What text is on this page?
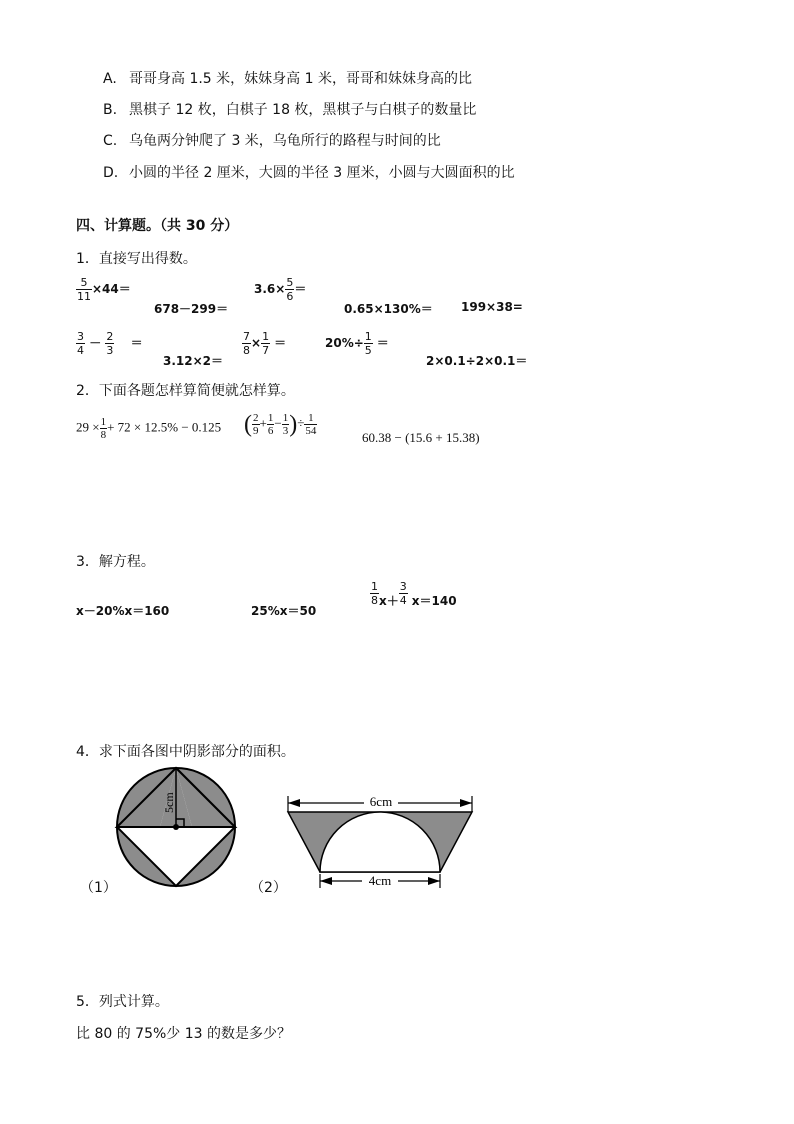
A. 哥哥身高 1.5 米，妹妹身高 1 米，哥哥和妹妹身高的比
B. 黑棋子 12 枚，白棋子 18 枚，黑棋子与白棋子的数量比
C. 乌龟两分钟爬了 3 米，乌龟所行的路程与时间的比
D. 小圆的半径 2 厘米，大圆的半径 3 厘米，小圆与大圆面积的比
四、计算题。（共 30 分）
1．直接写出得数。
$\frac{5}{11} \times 44=$
678－299＝
$3.6\times \frac{5}{6}$ ＝
0.65×130%＝ 199×38=
$\frac{3}{4} - \frac{2}{3}$ ＝
3.12×2＝
$\frac{7}{8} \times \frac{1}{7}$ ＝	$20\%\div \frac{1}{5}$ ＝
2×0.1÷2×0.1＝
2．下面各题怎样算简便就怎样算。
$29 \times \frac{1}{8} + 72 \times 12.5\% - 0.125$ ( $\frac{2}{9} + \frac{1}{6} - \frac{1}{3}$ )÷ $\frac{1}{54}$
60.38 − (15.6 + 15.38)
3．解方程。
x－20%x＝160	25%x＝50
$\frac{1}{8} x+ \frac{3}{4} x=140$
4．求下面各图中阴影部分的面积。
5cm
（1）
6cm
4cm
（2）
5．列式计算。
比 80 的 75%少 13 的数是多少？
